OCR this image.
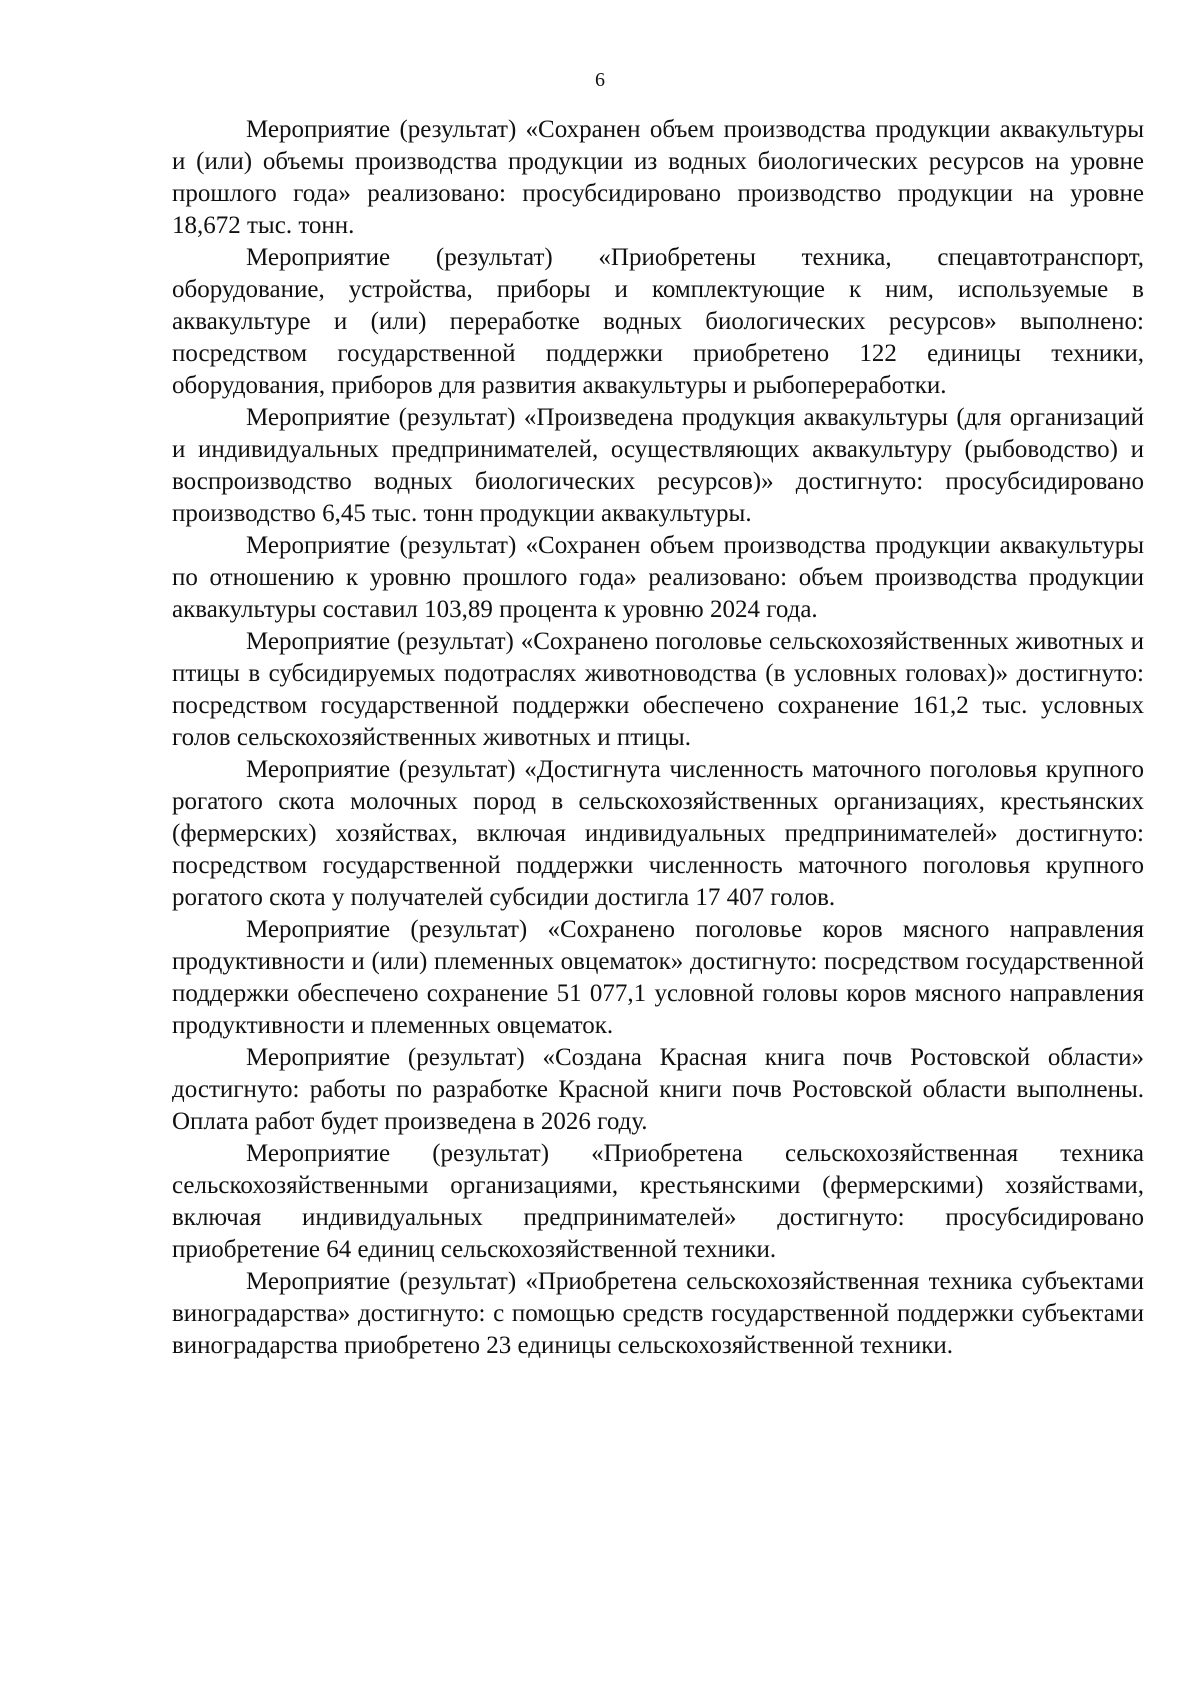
6

Мероприятие (результат) «Сохранен объем производства продукции аквакультуры и (или) объемы производства продукции из водных биологических ресурсов на уровне прошлого года» реализовано: просубсидировано производство продукции на уровне 18,672 тыс. тонн.

Мероприятие (результат) «Приобретены техника, спецавтотранспорт, оборудование, устройства, приборы и комплектующие к ним, используемые в аквакультуре и (или) переработке водных биологических ресурсов» выполнено: посредством государственной поддержки приобретено 122 единицы техники, оборудования, приборов для развития аквакультуры и рыбопереработки.

Мероприятие (результат) «Произведена продукция аквакультуры (для организаций и индивидуальных предпринимателей, осуществляющих аквакультуру (рыбоводство) и воспроизводство водных биологических ресурсов)» достигнуто: просубсидировано производство 6,45 тыс. тонн продукции аквакультуры.

Мероприятие (результат) «Сохранен объем производства продукции аквакультуры по отношению к уровню прошлого года» реализовано: объем производства продукции аквакультуры составил 103,89 процента к уровню 2024 года.

Мероприятие (результат) «Сохранено поголовье сельскохозяйственных животных и птицы в субсидируемых подотраслях животноводства (в условных головах)» достигнуто: посредством государственной поддержки обеспечено сохранение 161,2 тыс. условных голов сельскохозяйственных животных и птицы.

Мероприятие (результат) «Достигнута численность маточного поголовья крупного рогатого скота молочных пород в сельскохозяйственных организациях, крестьянских (фермерских) хозяйствах, включая индивидуальных предпринимателей» достигнуто: посредством государственной поддержки численность маточного поголовья крупного рогатого скота у получателей субсидии достигла 17 407 голов.

Мероприятие (результат) «Сохранено поголовье коров мясного направления продуктивности и (или) племенных овцематок» достигнуто: посредством государственной поддержки обеспечено сохранение 51 077,1 условной головы коров мясного направления продуктивности и племенных овцематок.

Мероприятие (результат) «Создана Красная книга почв Ростовской области» достигнуто: работы по разработке Красной книги почв Ростовской области выполнены. Оплата работ будет произведена в 2026 году.

Мероприятие (результат) «Приобретена сельскохозяйственная техника сельскохозяйственными организациями, крестьянскими (фермерскими) хозяйствами, включая индивидуальных предпринимателей» достигнуто: просубсидировано приобретение 64 единиц сельскохозяйственной техники.

Мероприятие (результат) «Приобретена сельскохозяйственная техника субъектами виноградарства» достигнуто: с помощью средств государственной поддержки субъектами виноградарства приобретено 23 единицы сельскохозяйственной техники.
